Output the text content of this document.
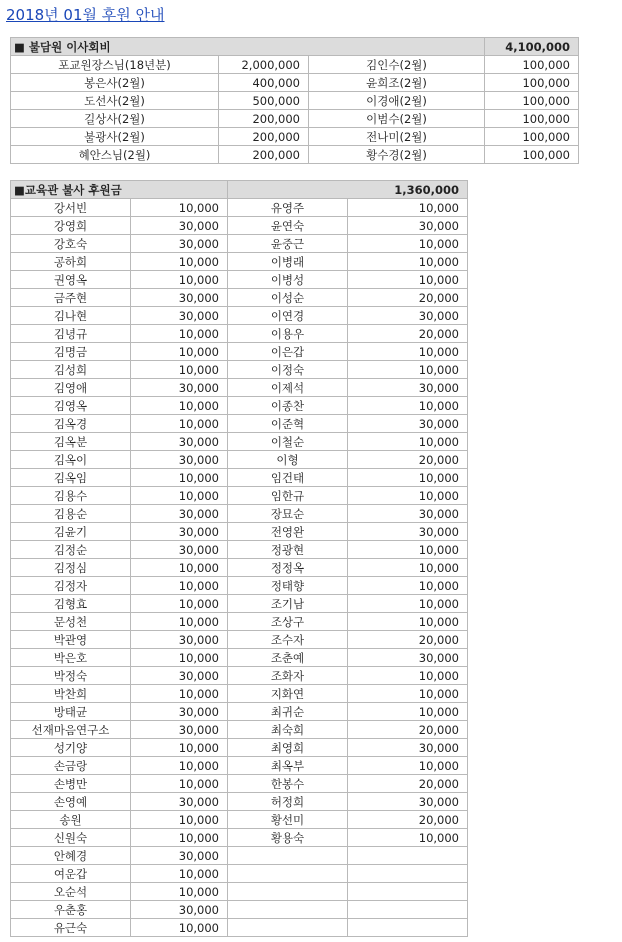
2018년 01월 후원 안내
■ 불담원 이사회비			4,100,000
포교원장스님(18년분)	2,000,000	김인수(2월)	100,000
봉은사(2월)	400,000	윤희조(2월)	100,000
도선사(2월)	500,000	이경애(2월)	100,000
길상사(2월)	200,000	이범수(2월)	100,000
불광사(2월)	200,000	전나미(2월)	100,000
혜안스님(2월)	200,000	황수경(2월)	100,000
■교육관 불사 후원금		1,360,000	
강서빈	10,000	유영주	10,000
강영희	30,000	윤연숙	30,000
강호숙	30,000	윤중근	10,000
공하희	10,000	이병래	10,000
권영옥	10,000	이병성	10,000
금주현	30,000	이성순	20,000
김나현	30,000	이연경	30,000
김녕규	10,000	이용우	20,000
김명금	10,000	이은갑	10,000
김성희	10,000	이정숙	10,000
김영애	30,000	이제석	30,000
김영옥	10,000	이종찬	10,000
김옥경	10,000	이준혁	30,000
김옥분	30,000	이철순	10,000
김옥이	30,000	이형	20,000
김옥임	10,000	임건태	10,000
김용수	10,000	임한규	10,000
김용순	30,000	장묘순	30,000
김윤기	30,000	전영완	30,000
김정순	30,000	정광현	10,000
김정심	10,000	정정옥	10,000
김정자	10,000	정태향	10,000
김형효	10,000	조기남	10,000
문성천	10,000	조상구	10,000
박관영	30,000	조수자	20,000
박은호	10,000	조춘예	30,000
박정숙	30,000	조화자	10,000
박찬희	10,000	지화연	10,000
방태균	30,000	최귀순	10,000
선재마음연구소	30,000	최숙희	20,000
성기양	10,000	최영희	30,000
손금랑	10,000	최옥부	10,000
손병만	10,000	한봉수	20,000
손영예	30,000	허정희	30,000
송원	10,000	황선미	20,000
신원숙	10,000	황용숙	10,000
안혜경	30,000		
여운갑	10,000		
오순석	10,000		
우춘홍	30,000		
유근숙	10,000		
